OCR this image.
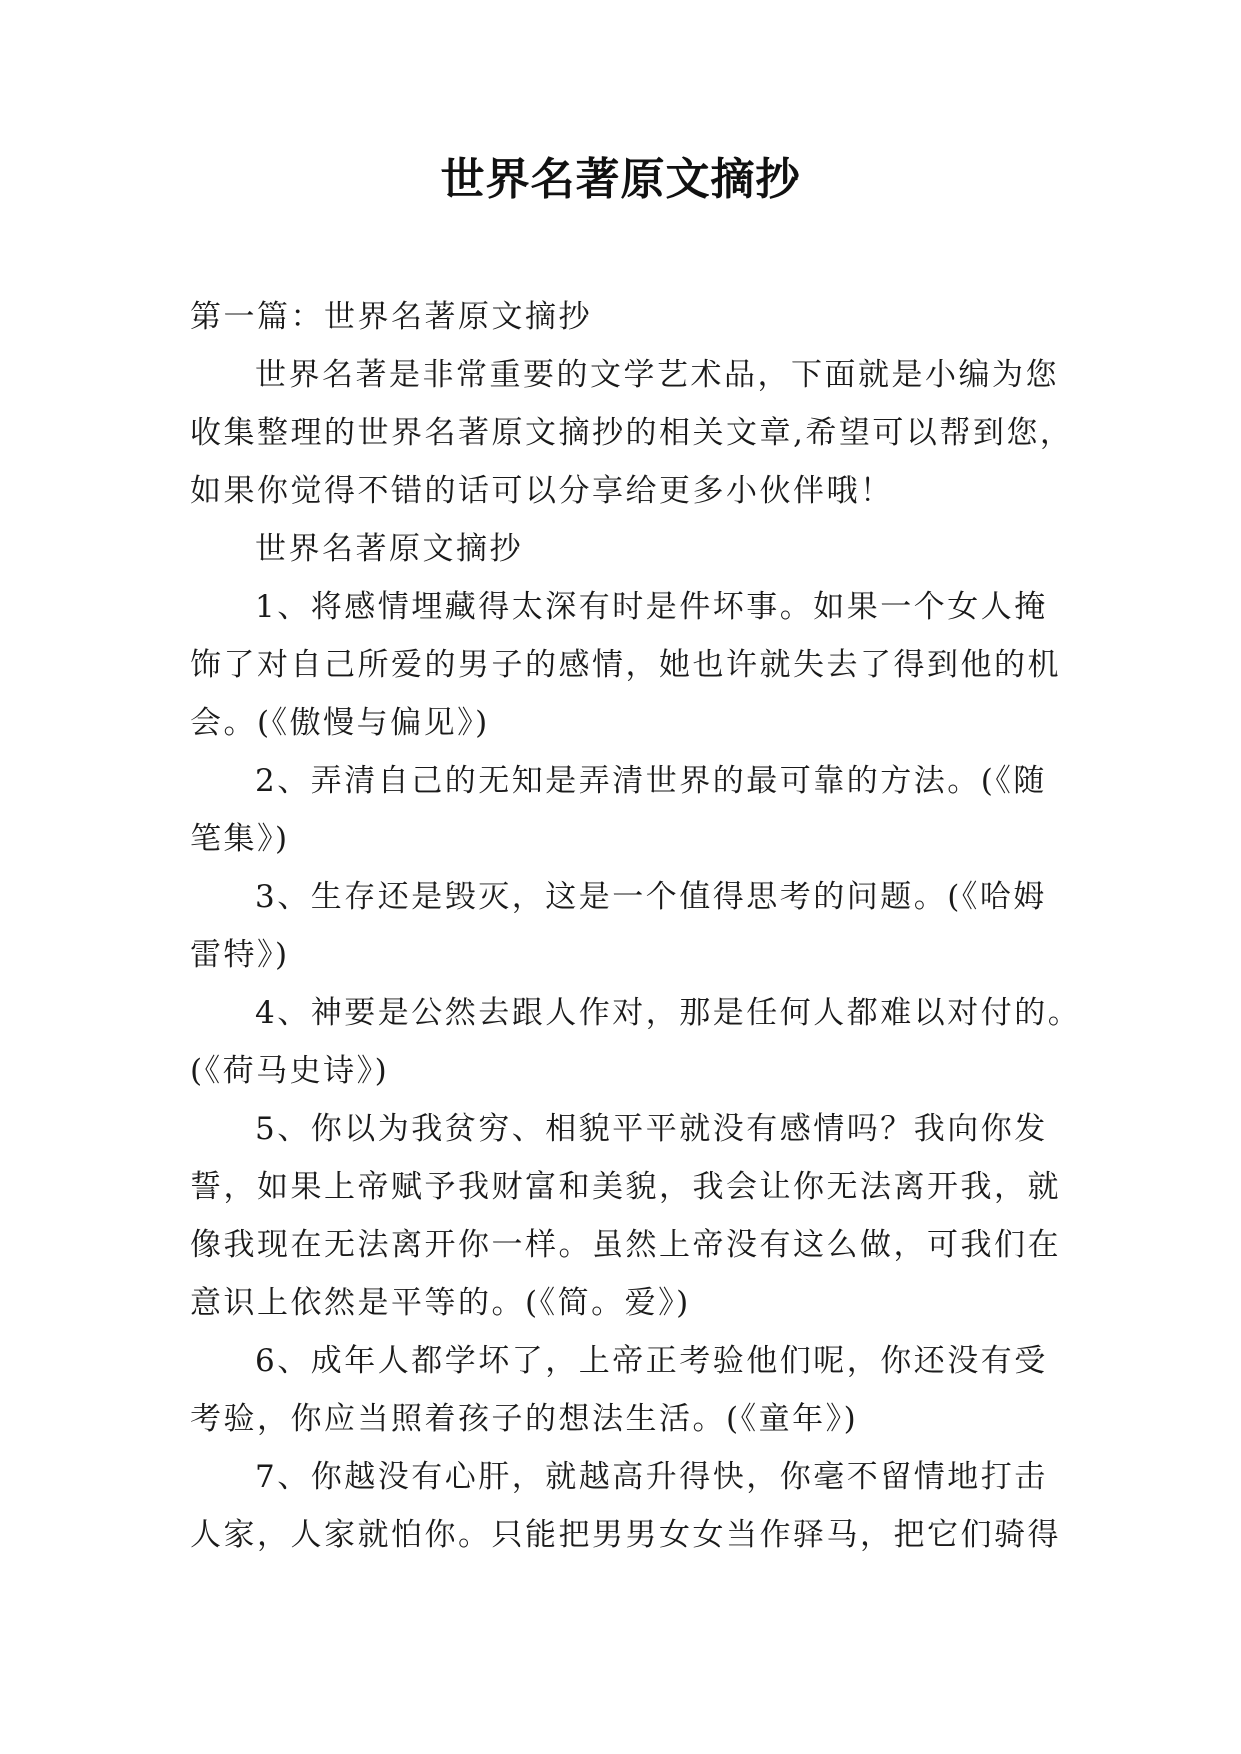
世界名著原文摘抄

第一篇：世界名著原文摘抄

世界名著是非常重要的文学艺术品，下面就是小编为您

收集整理的世界名著原文摘抄的相关文章,希望可以帮到您，

如果你觉得不错的话可以分享给更多小伙伴哦！

世界名著原文摘抄

1、将感情埋藏得太深有时是件坏事。如果一个女人掩

饰了对自己所爱的男子的感情，她也许就失去了得到他的机

会。(《傲慢与偏见》)

2、弄清自己的无知是弄清世界的最可靠的方法。(《随

笔集》)

3、生存还是毁灭，这是一个值得思考的问题。(《哈姆

雷特》)

4、神要是公然去跟人作对，那是任何人都难以对付的。

(《荷马史诗》)

5、你以为我贫穷、相貌平平就没有感情吗？我向你发

誓，如果上帝赋予我财富和美貌，我会让你无法离开我，就

像我现在无法离开你一样。虽然上帝没有这么做，可我们在

意识上依然是平等的。(《简。爱》)

6、成年人都学坏了，上帝正考验他们呢，你还没有受

考验，你应当照着孩子的想法生活。(《童年》)

7、你越没有心肝，就越高升得快，你毫不留情地打击

人家，人家就怕你。只能把男男女女当作驿马，把它们骑得
